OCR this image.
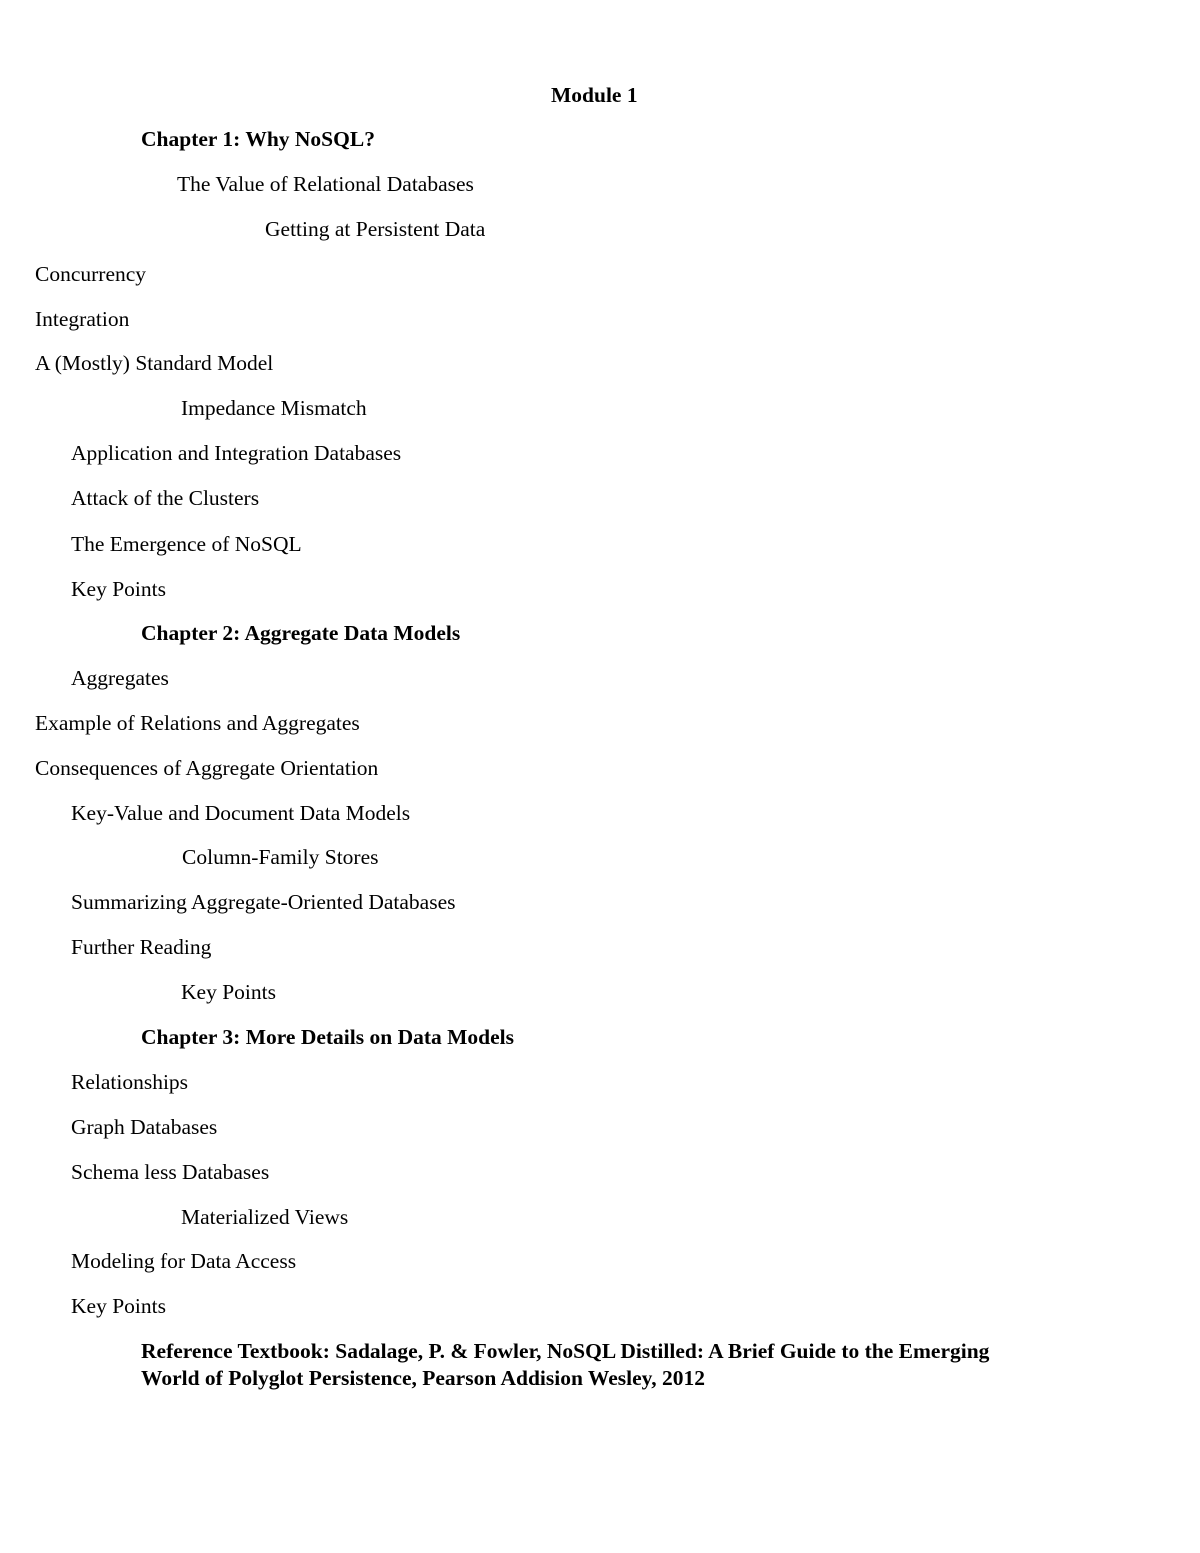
Module 1
Chapter 1: Why NoSQL?
The Value of Relational Databases
Getting at Persistent Data
Concurrency
Integration
A (Mostly) Standard Model
Impedance Mismatch
Application and Integration Databases
Attack of the Clusters
The Emergence of NoSQL
Key Points
Chapter 2: Aggregate Data Models
Aggregates
Example of Relations and Aggregates
Consequences of Aggregate Orientation
Key-Value and Document Data Models
Column-Family Stores
Summarizing Aggregate-Oriented Databases
Further Reading
Key Points
Chapter 3: More Details on Data Models
Relationships
Graph Databases
Schema less Databases
Materialized Views
Modeling for Data Access
Key Points
Reference Textbook: Sadalage, P. & Fowler, NoSQL Distilled: A Brief Guide to the Emerging World of Polyglot Persistence, Pearson Addision Wesley, 2012
